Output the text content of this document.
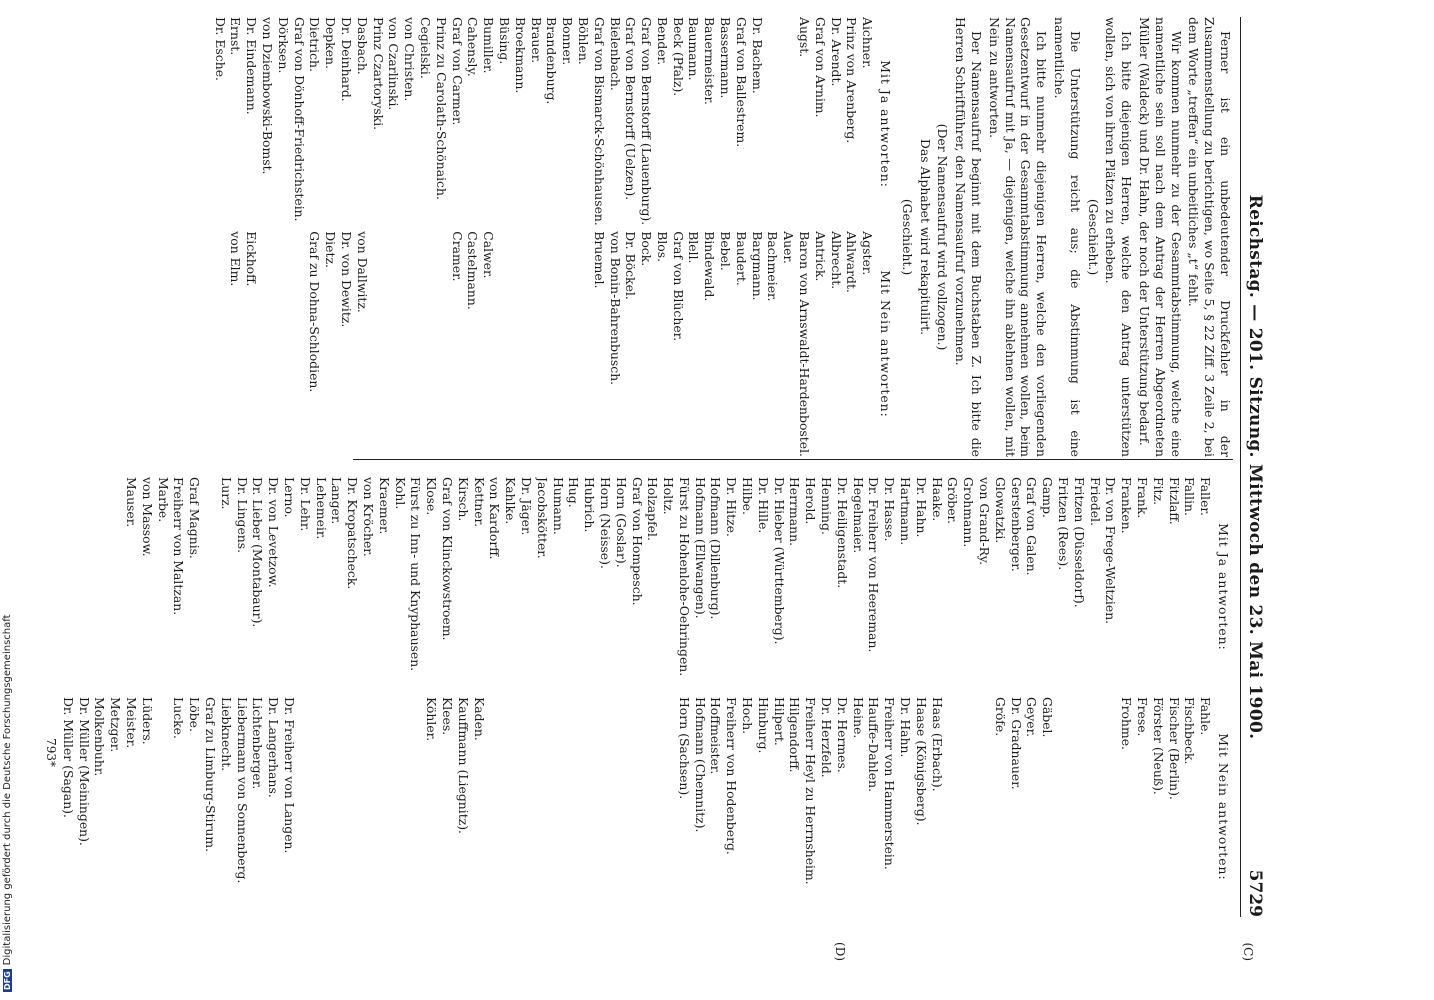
Reichstag. — 201. Sitzung. Mittwoch den 23. Mai 1900.
5729
(C)
(D)
Ferner ist ein unbedeutender Druckfehler in der Zusammenstellung zu berichtigen, wo Seite 5, § 22 Ziff. 3 Zeile 2, bei dem Worte „treffen“ ein unbeitliches „t“ fehlt.
Wir kommen nunmehr zu der Gesammtabstimmung, welche eine namentliche sein soll nach dem Antrag der Herren Abgeordneten Müller (Waldeck) und Dr. Hahn, der noch der Unterstützung bedarf.
Ich bitte diejenigen Herren, welche den Antrag unterstützen wollen, sich von ihren Plätzen zu erheben.
(Geschieht.)
Die Unterstützung reicht aus; die Abstimmung ist eine namentliche.
Ich bitte nunmehr diejenigen Herren, welche den vorliegenden Gesetzentwurf in der Gesammtabstimmung annehmen wollen, beim Namensaufruf mit Ja, — diejenigen, welche ihn ablehnen wollen, mit Nein zu antworten.
Der Namensaufruf beginnt mit dem Buchstaben Z. Ich bitte die Herren Schriftführer, den Namensaufruf vorzunehmen.
(Der Namensaufruf wird vollzogen.)
Das Alphabet wird rekapitulirt.
(Geschieht.)
Mit Ja antworten:
Aichner.
Prinz von Arenberg.
Dr. Arendt.
Graf von Arnim.
Augst.

Dr. Bachem.
Graf von Ballestrem.
Bassermann.
Bauermeister.
Baumann.
Beck (Pfalz).
Bender.
Graf von Bernstorff (Lauenburg).
Graf von Bernstorff (Uelzen).
Bielenbach.
Graf von Bismarck-Schönhausen.
Böhlen.
Bonner.
Brandenburg.
Brauer.
Broekmann.
Büsing.
Bumiller.
Cahensly.
Graf von Carmer.
Prinz zu Carolath-Schönaich.
Cegielski.
von Christen.
von Czarlinski.
Prinz Czartoryski.
Dasbach.
Dr. Deinhard.
Depken.
Dietrich.
Graf von Dönhoff-Friedrichstein.
Dörksen.
von Dziembowski-Bomst.
Dr. Eindemann.
Ernst.
Dr. Esche.
Mit Nein antworten:
Agster.
Ahlwardt.
Albrecht.
Antrick.
Baron von Arnswaldt-Hardenbostel.
Auer.
Bachmeier.
Bargmann.
Baudert.
Bebel.
Bindewald.
Blell.
Graf von Blücher.
Blos.
Bock.
Dr. Böckel.
von Bonin-Bahrenbusch.
Bruemel.

Calwer.
Castelmann.
Cramer.

von Dallwitz.
Dr. von Dewitz.
Dietz.
Graf zu Dohna-Schlodien.

Eickhoff.
von Elm.
Mit Ja antworten:
Faller.
Fallin.
Fitzlaff.
Fitz.
Frank.
Franken.
Dr. von Frege-Weltzien.
Friedel.
Fritzen (Düsseldorf).
Fritzen (Rees).
Gamp.
Graf von Galen.
Gerstenberger.
Glowatzki.
von Grand-Ry.
Grohmann.
Gröber.
Haake.
Dr. Hahn.
Hartmann.
Dr. Hasse.
Dr. Freiherr von Heereman.
Hegelmaier.
Dr. Heiligenstadt.
Henning.
Herold.
Herrmann.
Dr. Hieber (Württemberg).
Dr. Hille.
Hilbe.
Dr. Hitze.
Hofmann (Dillenburg).
Hofmann (Ellwangen).
Fürst zu Hohenlohe-Oehringen.
Holtz.
Holzapfel.
Graf von Hompesch.
Horn (Goslar).
Horn (Neisse).
Hubrich.
Hug.
Humann.
Jacobskötter.
Dr. Jäger.
Kahlke.
von Kardorff.
Kettner.
Kirsch.
Graf von Klinckowstroem.
Klose.
Fürst zu Inn- und Knyphausen.
Kohl.
Kraemer.
von Kröcher.
Dr. Kropatscheck.
Langer.
Lehemeir.
Dr. Lehr.
Lerno.
Dr. von Levetzow.
Dr. Lieber (Montabaur).
Dr. Lingens.
Lurz.

Graf Magnis.
Freiherr von Maltzan.
Marbe.
von Massow.
Mauser.
Mit Nein antworten:
Fahle.
Fischbeck.
Fischer (Berlin).
Förster (Neuß).
Frese.
Frohme.

Gäbel.
Geyer.
Dr. Gradnauer.
Gröfe.

Haas (Erbach).
Haase (Königsberg).
Dr. Hahn.
Freiherr von Hammerstein.
Hauffe-Dahlen.
Heine.
Dr. Hermes.
Dr. Herzfeld.
Freiherr Heyl zu Herrnsheim.
Hilgendorff.
Hilpert.
Hinburg.
Hoch.
Freiherr von Hodenberg.
Hoffmeister.
Hofmann (Chemnitz).
Horn (Sachsen).

Kaden.
Kauffmann (Liegnitz).
Klees.
Köhler.

Dr. Freiherr von Langen.
Dr. Langerhans.
Lichtenberger.
Liebermann von Sonnenberg.
Liebknecht.
Graf zu Limburg-Stirum.
Löbe.
Lucke.

Lüders.
Meister.
Metzger.
Molkenbuhr.
Dr. Müller (Meiningen).
Dr. Müller (Sagan).
793*
DFGDigitalisierung gefördert durch die Deutsche Forschungsgemeinschaft
